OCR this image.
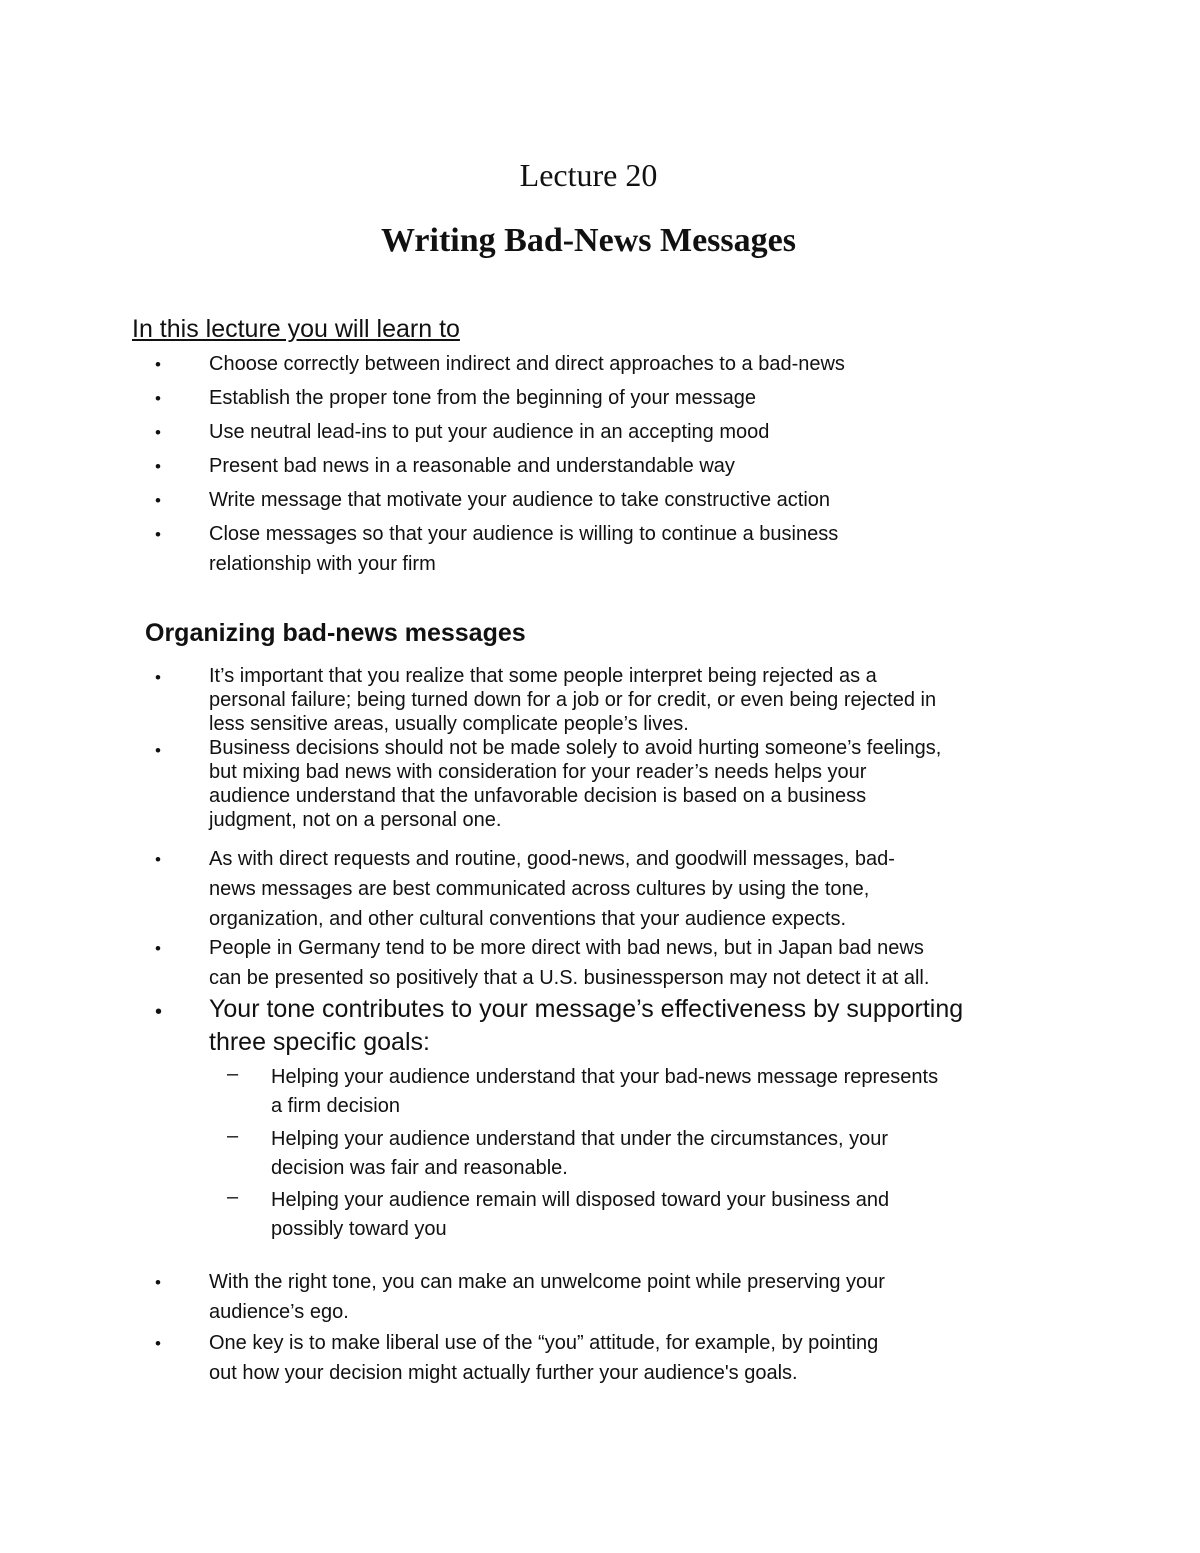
Lecture 20
Writing Bad-News Messages
In this lecture you will learn to
• Choose correctly between indirect and direct approaches to a bad-news
• Establish the proper tone from the beginning of your message
• Use neutral lead-ins to put your audience in an accepting mood
• Present bad news in a reasonable and understandable way
• Write message that motivate your audience to take constructive action
• Close messages so that your audience is willing to continue a business
relationship with your firm
Organizing bad-news messages
• It’s important that you realize that some people interpret being rejected as a
personal failure; being turned down for a job or for credit, or even being rejected in
less sensitive areas, usually complicate people’s lives.
• Business decisions should not be made solely to avoid hurting someone’s feelings,
but mixing bad news with consideration for your reader’s needs helps your
audience understand that the unfavorable decision is based on a business
judgment, not on a personal one.
• As with direct requests and routine, good-news, and goodwill messages, bad-
news messages are best communicated across cultures by using the tone,
organization, and other cultural conventions that your audience expects.
• People in Germany tend to be more direct with bad news, but in Japan bad news
can be presented so positively that a U.S. businessperson may not detect it at all.
• Your tone contributes to your message’s effectiveness by supporting
three specific goals:
– Helping your audience understand that your bad-news message represents
a firm decision
– Helping your audience understand that under the circumstances, your
decision was fair and reasonable.
– Helping your audience remain will disposed toward your business and
possibly toward you
• With the right tone, you can make an unwelcome point while preserving your
audience’s ego.
• One key is to make liberal use of the “you” attitude, for example, by pointing
out how your decision might actually further your audience's goals.
